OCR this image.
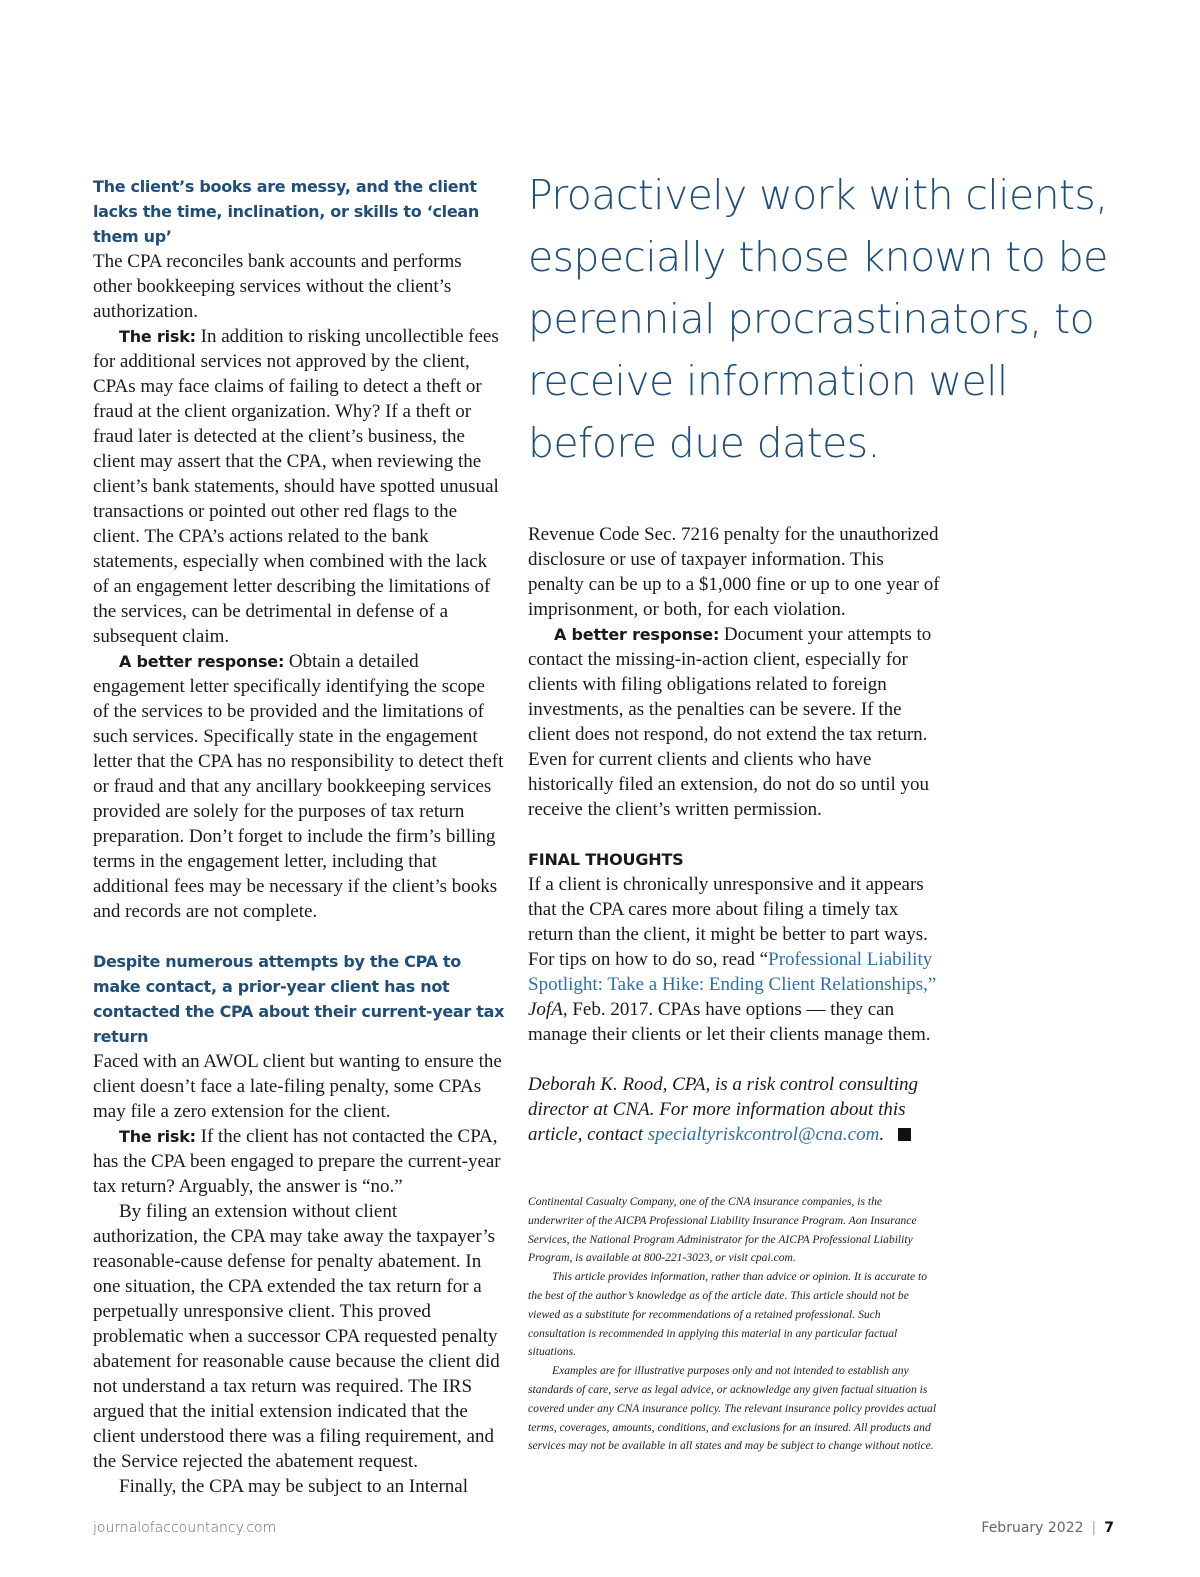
The client’s books are messy, and the client lacks the time, inclination, or skills to ‘clean them up’

The CPA reconciles bank accounts and performs other bookkeeping services without the client’s authorization.

The risk: In addition to risking uncollectible fees for additional services not approved by the client, CPAs may face claims of failing to detect a theft or fraud at the client organization. Why? If a theft or fraud later is detected at the client’s business, the client may assert that the CPA, when reviewing the client’s bank statements, should have spotted unusual transactions or pointed out other red flags to the client. The CPA’s actions related to the bank statements, especially when combined with the lack of an engagement letter describing the limitations of the services, can be detrimental in defense of a subsequent claim.

A better response: Obtain a detailed engagement letter specifically identifying the scope of the services to be provided and the limitations of such services. Specifically state in the engagement letter that the CPA has no responsibility to detect theft or fraud and that any ancillary bookkeeping services provided are solely for the purposes of tax return preparation. Don’t forget to include the firm’s billing terms in the engagement letter, including that additional fees may be necessary if the client’s books and records are not complete.

Despite numerous attempts by the CPA to make contact, a prior-year client has not contacted the CPA about their current-year tax return

Faced with an AWOL client but wanting to ensure the client doesn’t face a late-filing penalty, some CPAs may file a zero extension for the client.

The risk: If the client has not contacted the CPA, has the CPA been engaged to prepare the current-year tax return? Arguably, the answer is “no.”

By filing an extension without client authorization, the CPA may take away the taxpayer’s reasonable-cause defense for penalty abatement. In one situation, the CPA extended the tax return for a perpetually unresponsive client. This proved problematic when a successor CPA requested penalty abatement for reasonable cause because the client did not understand a tax return was required. The IRS argued that the initial extension indicated that the client understood there was a filing requirement, and the Service rejected the abatement request.

Finally, the CPA may be subject to an Internal

Proactively work with clients, especially those known to be perennial procrastinators, to receive information well before due dates.

Revenue Code Sec. 7216 penalty for the unauthorized disclosure or use of taxpayer information. This penalty can be up to a $1,000 fine or up to one year of imprisonment, or both, for each violation.

A better response: Document your attempts to contact the missing-in-action client, especially for clients with filing obligations related to foreign investments, as the penalties can be severe. If the client does not respond, do not extend the tax return. Even for current clients and clients who have historically filed an extension, do not do so until you receive the client’s written permission.

FINAL THOUGHTS

If a client is chronically unresponsive and it appears that the CPA cares more about filing a timely tax return than the client, it might be better to part ways. For tips on how to do so, read “Professional Liability Spotlight: Take a Hike: Ending Client Relationships,” JofA, Feb. 2017. CPAs have options — they can manage their clients or let their clients manage them.

Deborah K. Rood, CPA, is a risk control consulting director at CNA. For more information about this article, contact specialtyriskcontrol@cna.com.

Continental Casualty Company, one of the CNA insurance companies, is the underwriter of the AICPA Professional Liability Insurance Program. Aon Insurance Services, the National Program Administrator for the AICPA Professional Liability Program, is available at 800-221-3023, or visit cpai.com.

This article provides information, rather than advice or opinion. It is accurate to the best of the author’s knowledge as of the article date. This article should not be viewed as a substitute for recommendations of a retained professional. Such consultation is recommended in applying this material in any particular factual situations.

Examples are for illustrative purposes only and not intended to establish any standards of care, serve as legal advice, or acknowledge any given factual situation is covered under any CNA insurance policy. The relevant insurance policy provides actual terms, coverages, amounts, conditions, and exclusions for an insured. All products and services may not be available in all states and may be subject to change without notice.

journalofaccountancy.com	February 2022 | 7
